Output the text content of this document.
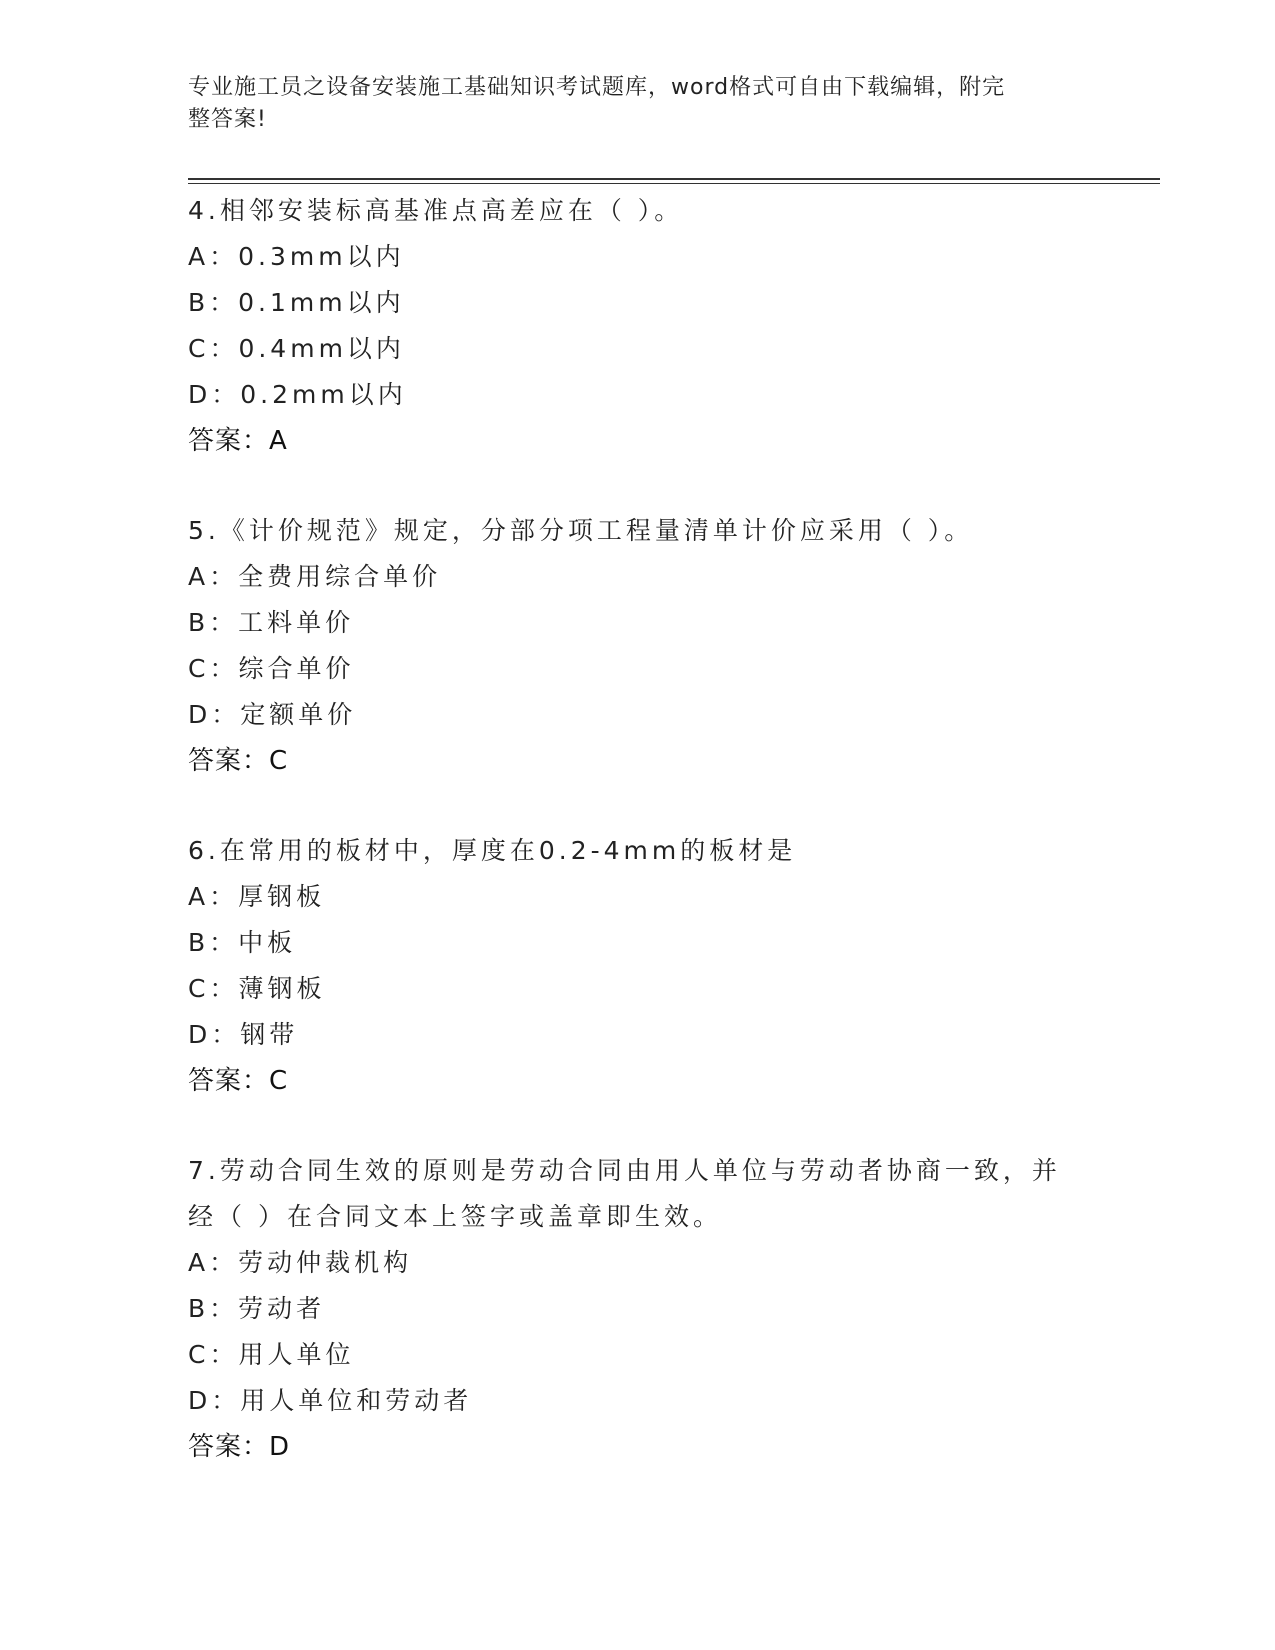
专业施工员之设备安装施工基础知识考试题库，word格式可自由下载编辑，附完
整答案!
4.相邻安装标高基准点高差应在（ ）。
A：0.3mm以内
B：0.1mm以内
C：0.4mm以内
D：0.2mm以内
答案：A
5.《计价规范》规定，分部分项工程量清单计价应采用（ ）。
A：全费用综合单价
B：工料单价
C：综合单价
D：定额单价
答案：C
6.在常用的板材中，厚度在0.2-4mm的板材是
A：厚钢板
B：中板
C：薄钢板
D：钢带
答案：C
7.劳动合同生效的原则是劳动合同由用人单位与劳动者协商一致，并
经（ ）在合同文本上签字或盖章即生效。
A：劳动仲裁机构
B：劳动者
C：用人单位
D：用人单位和劳动者
答案：D
